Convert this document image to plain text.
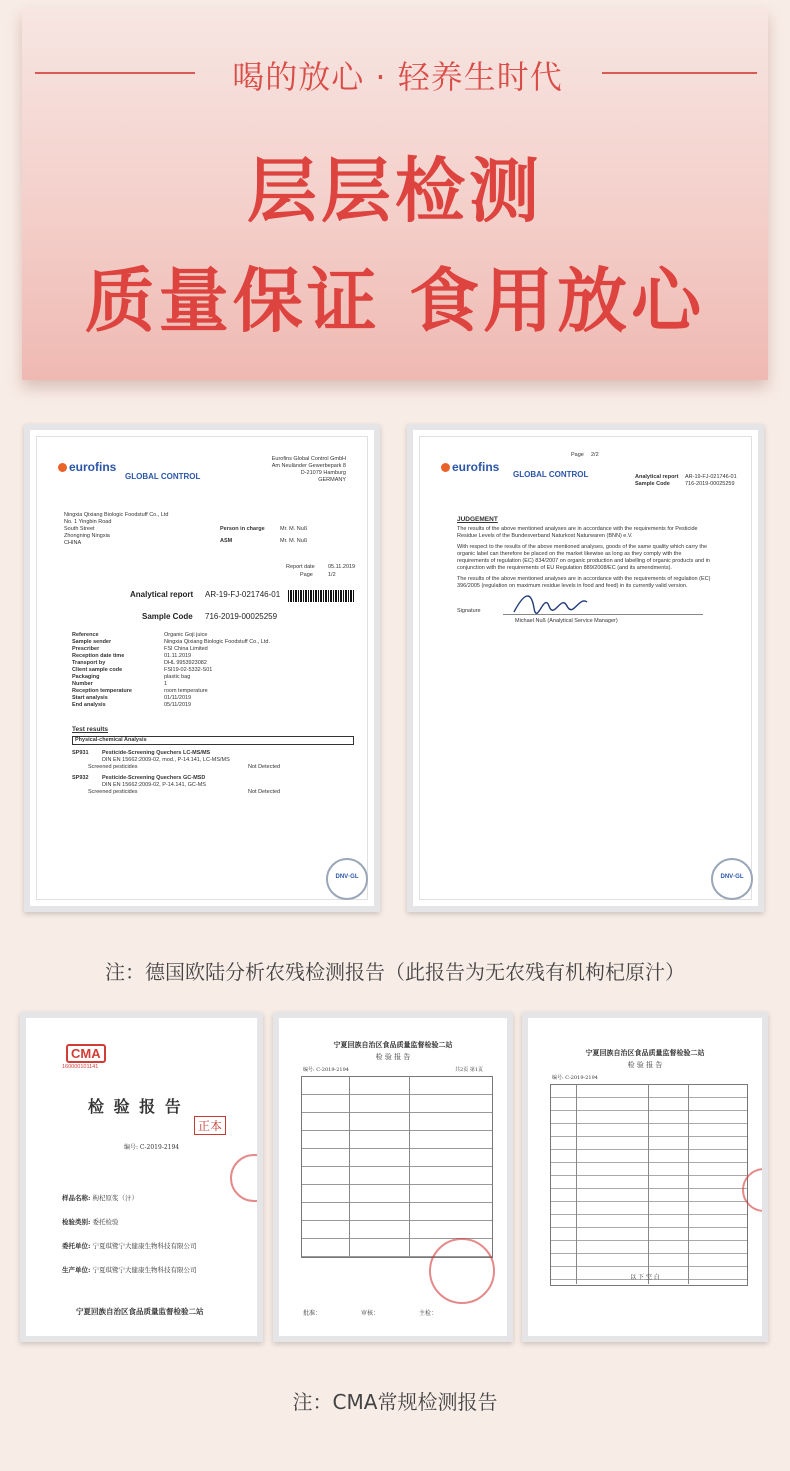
喝的放心 · 轻养生时代
层层检测
质量保证 食用放心
eurofins
GLOBAL CONTROL
Eurofins Global Control GmbH
Am Neuländer Gewerbepark 8
D-21079 Hamburg
GERMANY
Ningxia Qixiang Biologic Foodstuff Co., Ltd
No. 1 Yingbin Road
South Street
Zhongning Ningxia
CHINA
Person in charge	Mr. M. Nuß
ASM	Mr. M. Nuß
Report date 05.11.2019
Page	1/2
Analytical report AR-19-FJ-021746-01
Sample Code 716-2019-00025259
Reference	Organic Goji juice
Sample sender	Ningxia Qixiang Biologic Foodstuff Co., Ltd.
Prescriber	FSI China Limited
Reception date time	01.11.2019
Transport by	DHL 9953923082
Client sample code	FSI19-02-5332-S01
Packaging	plastic bag
Number	1
Reception temperature	room temperature
Start analysis	01/11/2019
End analysis	05/11/2019
Test results
Physical-chemical Analysis
SP931	Pesticide-Screening Quechers LC-MS/MS
DIN EN 15662:2009-02, mod., P-14.141, LC-MS/MS
Screened pesticides	Not Detected
SP932	Pesticide-Screening Quechers GC-MSD
DIN EN 15662:2009-02, P-14.141, GC-MS
Screened pesticides	Not Detected
DNV·GL
Page 2/2
eurofins
GLOBAL CONTROL	Analytical report AR-19-FJ-021746-01
Sample Code	716-2019-00025259
JUDGEMENT
The results of the above mentioned analyses are in accordance with the requirements for Pesticide Residue Levels of the Bundesverband Naturkost Naturwaren (BNN) e.V.
With respect to the results of the above mentioned analyses, goods of the same quality which carry the organic label can therefore be placed on the market likewise as long as they comply with the requirements of regulation (EC) 834/2007 on organic production and labelling of organic products and in conjunction with the requirements of EU Regulation 889/2008/EC (and its amendments).
The results of the above mentioned analyses are in accordance with the requirements of regulation (EC) 396/2005 (regulation on maximum residue levels in food and feed) in its currently valid version.
Signature
Michael Nuß (Analytical Service Manager)
DNV·GL
注：德国欧陆分析农残检测报告（此报告为无农残有机枸杞原汁）
CMA
160000101141
检 验 报 告
正本
编号: C-2019-2194
样品名称: 枸杞原浆（汁）
检验类别: 委托检验
委托单位: 宁夏琪鹭宁大健康生物科技有限公司
生产单位: 宁夏琪鹭宁大健康生物科技有限公司
宁夏回族自治区食品质量监督检验二站
宁夏回族自治区食品质量监督检验二站
检 验 报 告
编号: C-2019-2194	共2页 第1页
批准：	审核：	主检：
宁夏回族自治区食品质量监督检验二站
检 验 报 告
编号: C-2019-2194
以 下 空 白
注：CMA常规检测报告
